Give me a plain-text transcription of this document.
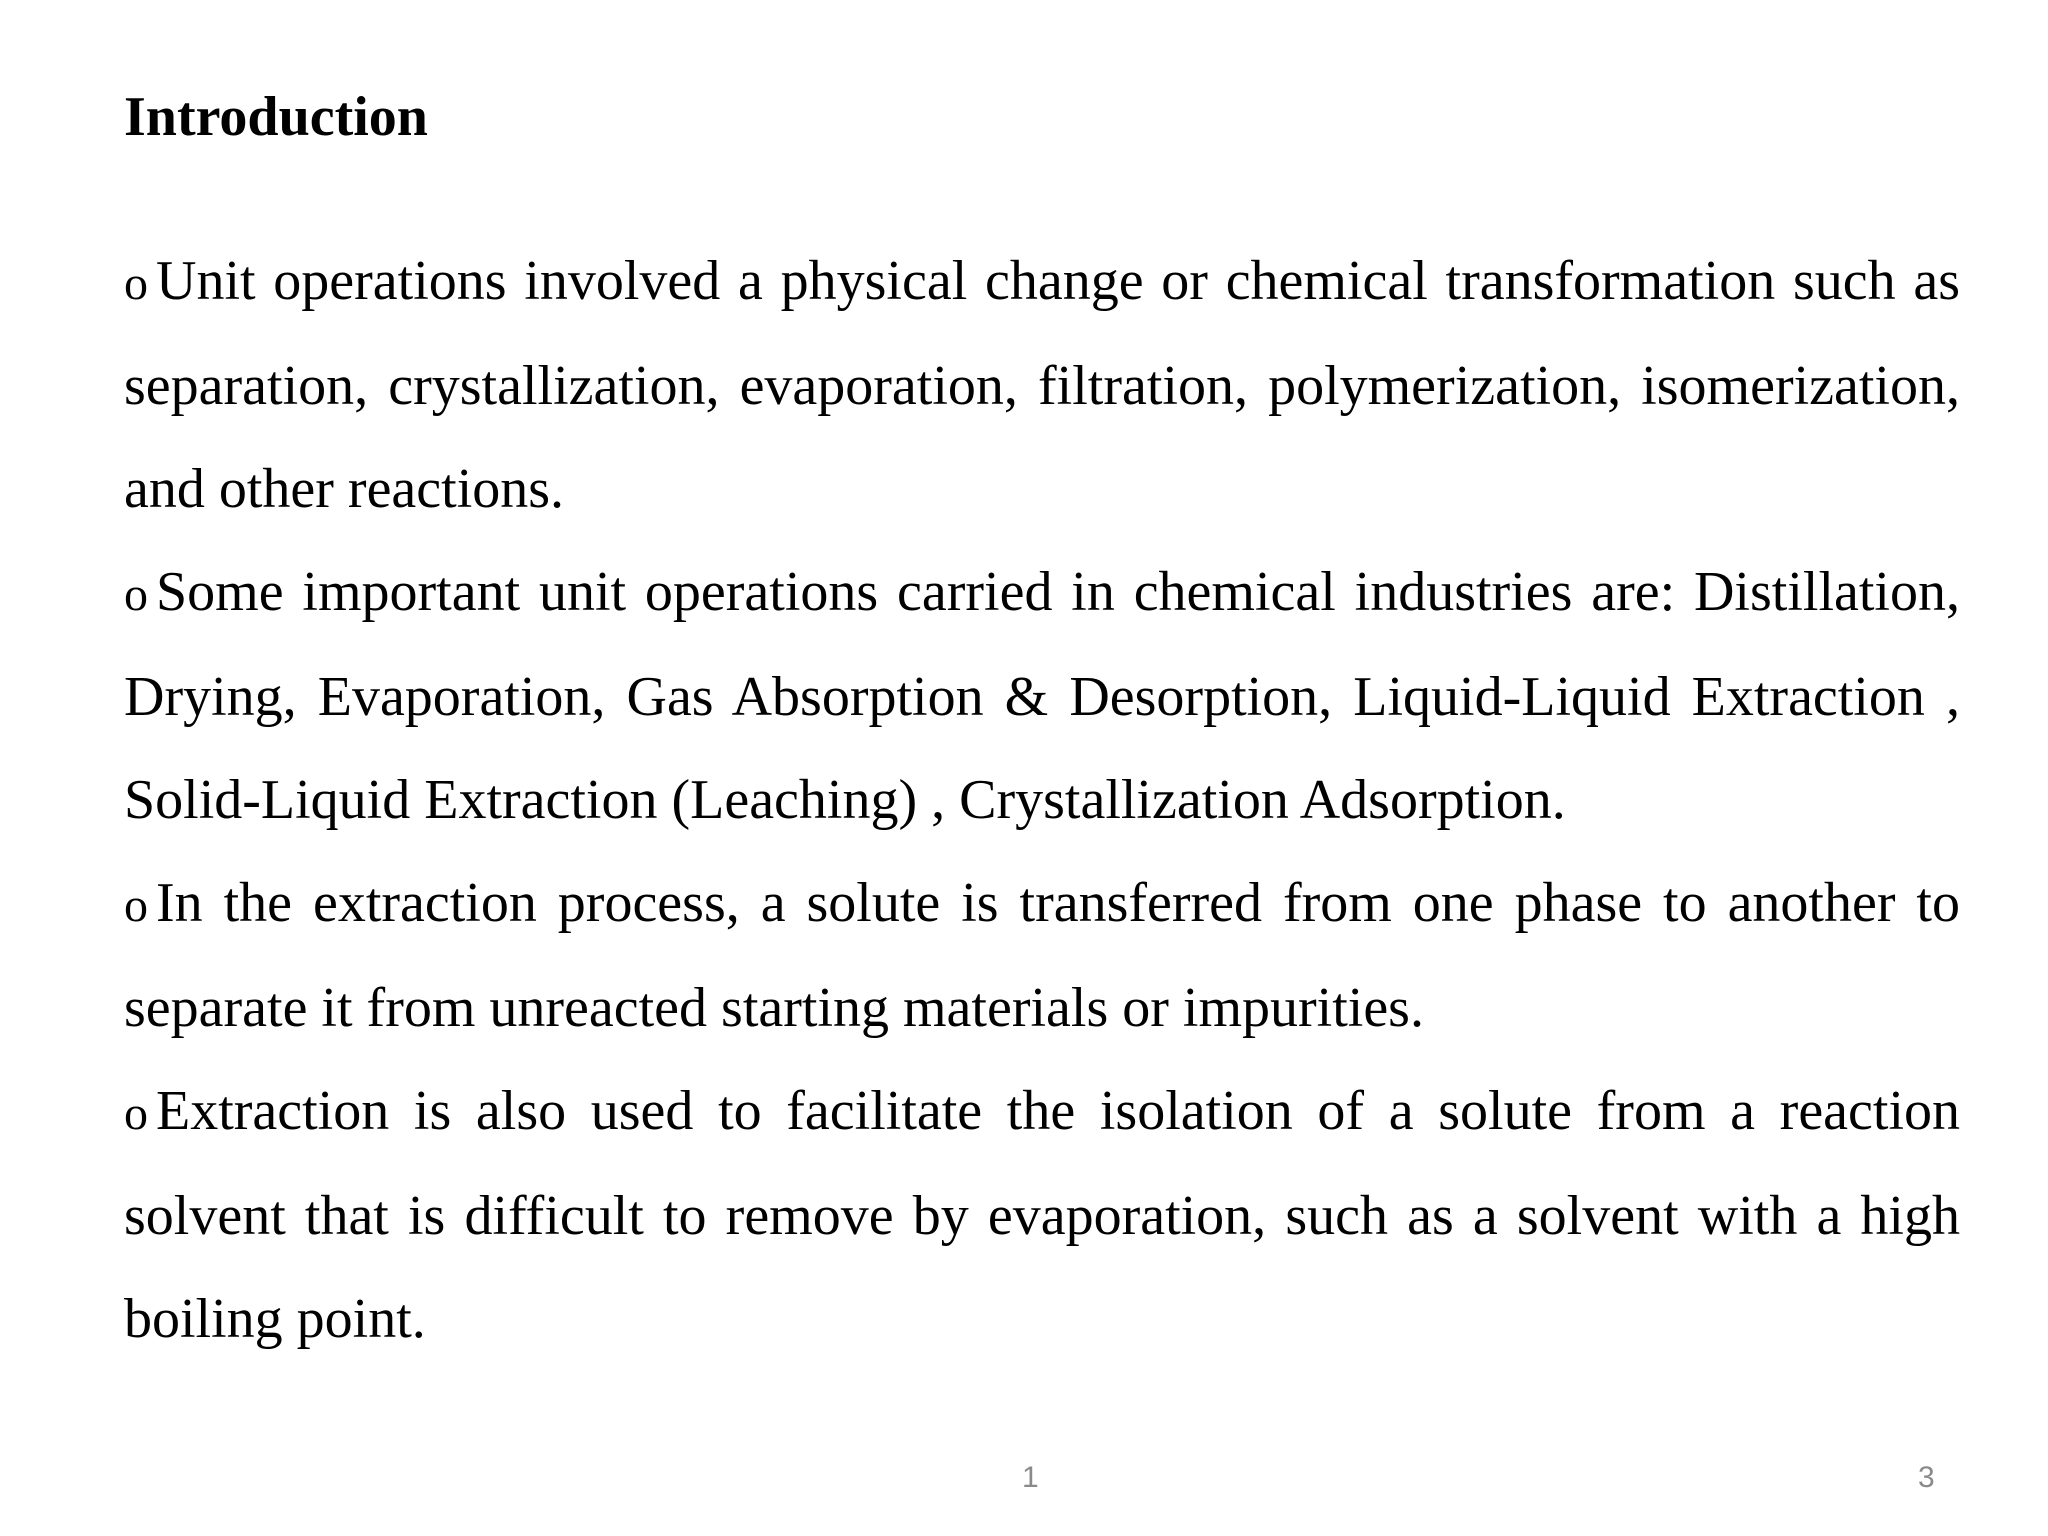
Introduction

o Unit operations involved a physical change or chemical transformation such as separation, crystallization, evaporation, filtration, polymerization, isomerization, and other reactions.

o Some important unit operations carried in chemical industries are: Distillation, Drying, Evaporation, Gas Absorption & Desorption, Liquid-Liquid Extraction , Solid-Liquid Extraction (Leaching) , Crystallization Adsorption.

o In the extraction process, a solute is transferred from one phase to another to separate it from unreacted starting materials or impurities.

o Extraction is also used to facilitate the isolation of a solute from a reaction solvent that is difficult to remove by evaporation, such as a solvent with a high boiling point.

1	3
